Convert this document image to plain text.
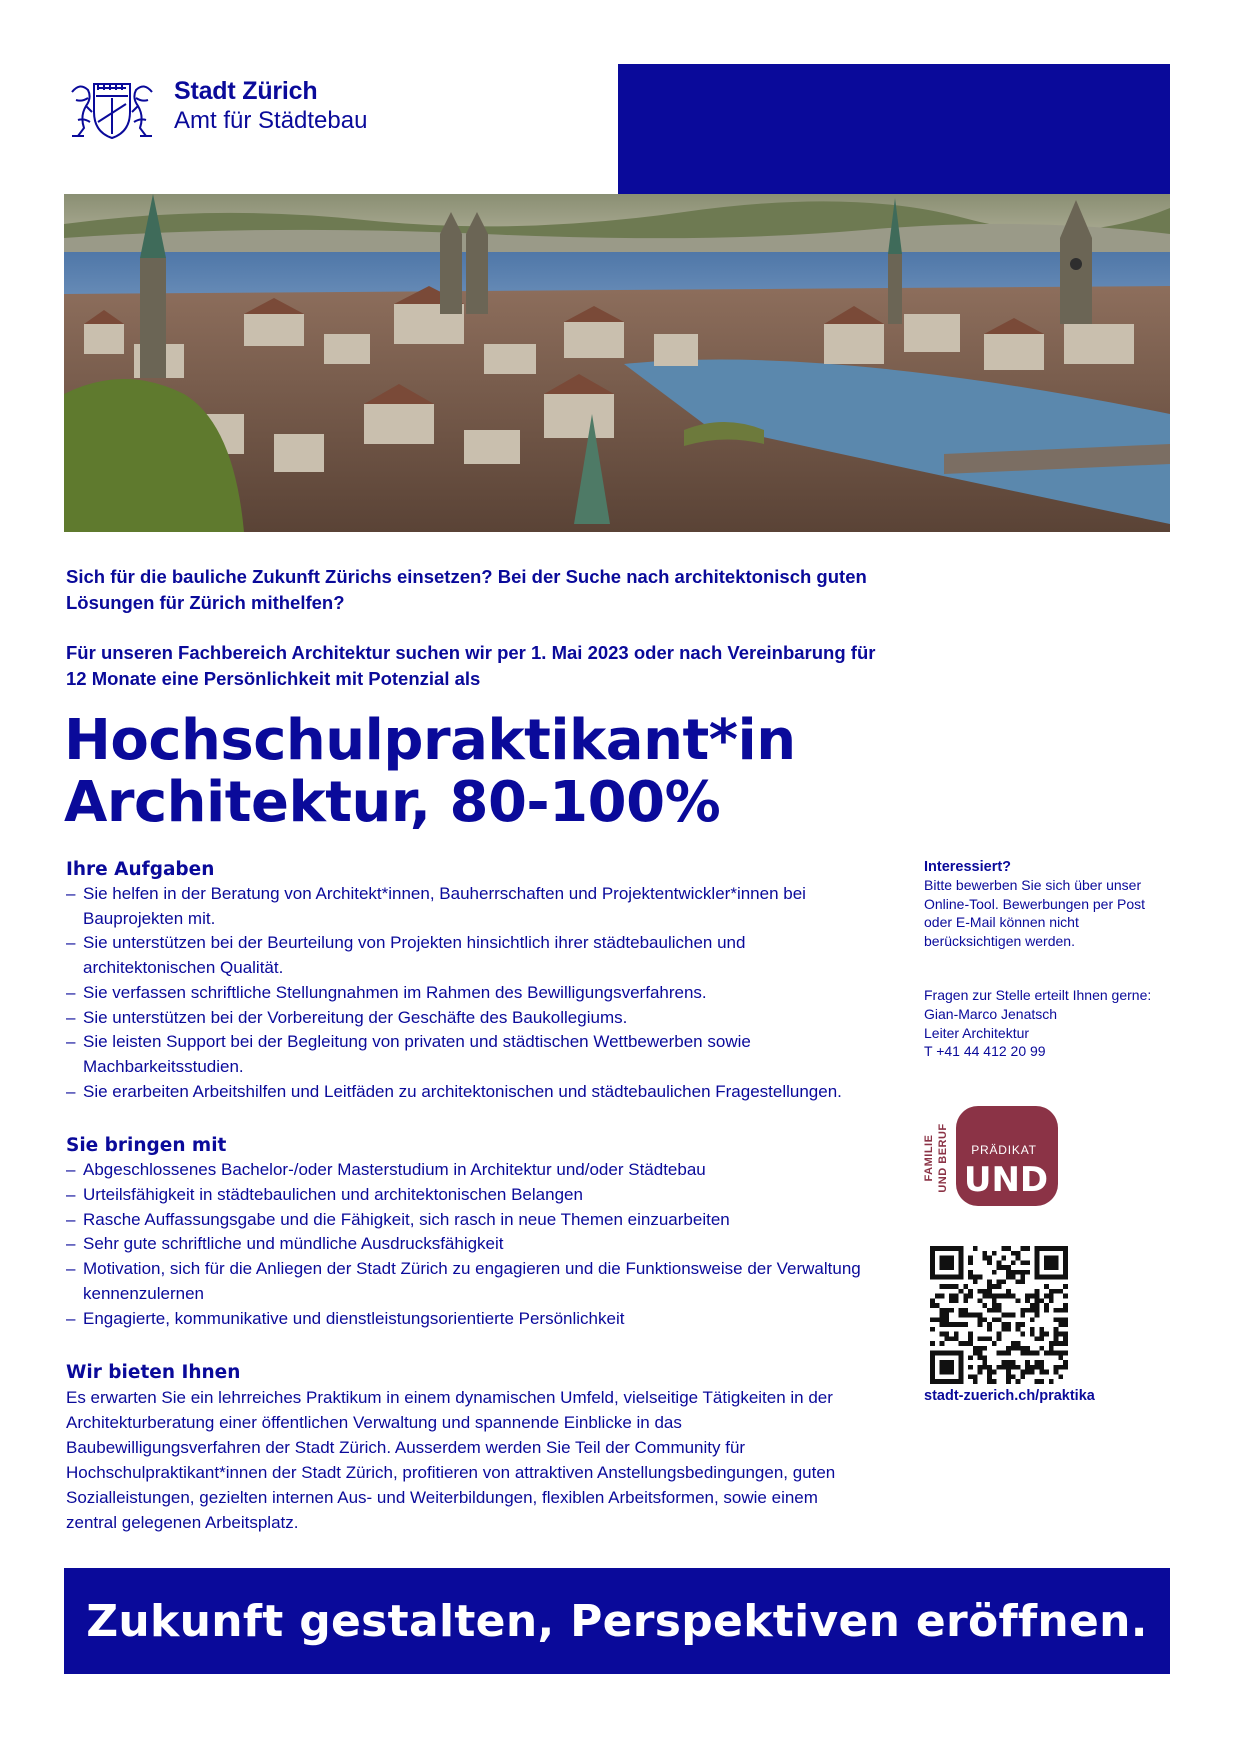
Stadt Zürich
Amt für Städtebau

Sich für die bauliche Zukunft Zürichs einsetzen? Bei der Suche nach architektonisch guten Lösungen für Zürich mithelfen?

Für unseren Fachbereich Architektur suchen wir per 1. Mai 2023 oder nach Vereinbarung für 12 Monate eine Persönlichkeit mit Potenzial als

Hochschulpraktikant*in
Architektur, 80-100%
Ihre Aufgaben
– Sie helfen in der Beratung von Architekt*innen, Bauherrschaften und Projektentwickler*innen bei Bauprojekten mit.
– Sie unterstützen bei der Beurteilung von Projekten hinsichtlich ihrer städtebaulichen und architektonischen Qualität.
– Sie verfassen schriftliche Stellungnahmen im Rahmen des Bewilligungsverfahrens.
– Sie unterstützen bei der Vorbereitung der Geschäfte des Baukollegiums.
– Sie leisten Support bei der Begleitung von privaten und städtischen Wettbewerben sowie Machbarkeitsstudien.
– Sie erarbeiten Arbeitshilfen und Leitfäden zu architektonischen und städtebaulichen Fragestellungen.
Sie bringen mit
– Abgeschlossenes Bachelor-/oder Masterstudium in Architektur und/oder Städtebau
– Urteilsfähigkeit in städtebaulichen und architektonischen Belangen
– Rasche Auffassungsgabe und die Fähigkeit, sich rasch in neue Themen einzuarbeiten
– Sehr gute schriftliche und mündliche Ausdrucksfähigkeit
– Motivation, sich für die Anliegen der Stadt Zürich zu engagieren und die Funktionsweise der Verwaltung kennenzulernen
– Engagierte, kommunikative und dienstleistungsorientierte Persönlichkeit
Wir bieten Ihnen

Es erwarten Sie ein lehrreiches Praktikum in einem dynamischen Umfeld, vielseitige Tätigkeiten in der Architekturberatung einer öffentlichen Verwaltung und spannende Einblicke in das Baubewilligungsverfahren der Stadt Zürich. Ausserdem werden Sie Teil der Community für Hochschulpraktikant*innen der Stadt Zürich, profitieren von attraktiven Anstellungsbedingungen, guten Sozialleistungen, gezielten internen Aus- und Weiterbildungen, flexiblen Arbeitsformen, sowie einem zentral gelegenen Arbeitsplatz.

Interessiert?
Bitte bewerben Sie sich über unser Online-Tool. Bewerbungen per Post oder E-Mail können nicht berücksichtigen werden.
Fragen zur Stelle erteilt Ihnen gerne:
Gian-Marco Jenatsch
Leiter Architektur
T +41 44 412 20 99
FAMILIE UND BERUF PRÄDIKAT
UND
stadt-zuerich.ch/praktika
Zukunft gestalten, Perspektiven eröffnen.
